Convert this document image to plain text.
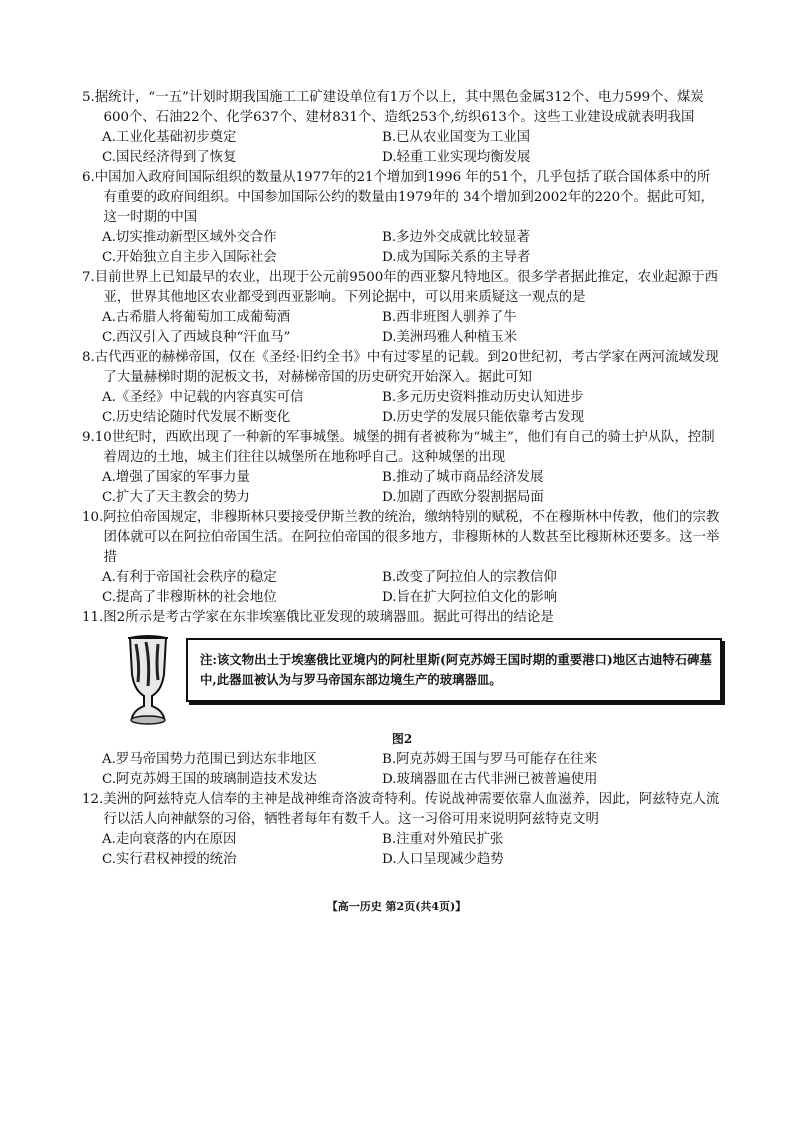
5.据统计，“一五”计划时期我国施工工矿建设单位有1万个以上，其中黑色金属312个、电力599个、煤炭 600个、石油22个、化学637个、建材831个、造纸253个,纺织613个。这些工业建设成就表明我国

A.工业化基础初步奠定	B.已从农业国变为工业国
C.国民经济得到了恢复	D.轻重工业实现均衡发展

6.中国加入政府间国际组织的数量从1977年的21个增加到1996 年的51个，几乎包括了联合国体系中的所有重要的政府间组织。中国参加国际公约的数量由1979年的 34个增加到2002年的220个。据此可知，这一时期的中国

A.切实推动新型区域外交合作	B.多边外交成就比较显著
C.开始独立自主步入国际社会	D.成为国际关系的主导者

7.目前世界上已知最早的农业，出现于公元前9500年的西亚黎凡特地区。很多学者据此推定，农业起源于西亚，世界其他地区农业都受到西亚影响。下列论据中，可以用来质疑这一观点的是

A.古希腊人将葡萄加工成葡萄酒	B.西非班图人驯养了牛
C.西汉引入了西域良种“汗血马”	D.美洲玛雅人种植玉米

8.古代西亚的赫梯帝国，仅在《圣经·旧约全书》中有过零星的记载。到20世纪初，考古学家在两河流域发现了大量赫梯时期的泥板文书，对赫梯帝国的历史研究开始深入。据此可知

A.《圣经》中记载的内容真实可信	B.多元历史资料推动历史认知进步
C.历史结论随时代发展不断变化	D.历史学的发展只能依靠考古发现

9.10世纪时，西欧出现了一种新的军事城堡。城堡的拥有者被称为“城主”，他们有自己的骑士护从队，控制着周边的土地，城主们往往以城堡所在地称呼自己。这种城堡的出现

A.增强了国家的军事力量	B.推动了城市商品经济发展
C.扩大了天主教会的势力	D.加剧了西欧分裂割据局面

10.阿拉伯帝国规定，非穆斯林只要接受伊斯兰教的统治，缴纳特别的赋税，不在穆斯林中传教，他们的宗教团体就可以在阿拉伯帝国生活。在阿拉伯帝国的很多地方，非穆斯林的人数甚至比穆斯林还要多。这一举措

A.有利于帝国社会秩序的稳定	B.改变了阿拉伯人的宗教信仰
C.提高了非穆斯林的社会地位	D.旨在扩大阿拉伯文化的影响

11.图2所示是考古学家在东非埃塞俄比亚发现的玻璃器皿。据此可得出的结论是

注:该文物出土于埃塞俄比亚境内的阿杜里斯(阿克苏姆王国时期的重要港口)地区古迪特石碑墓中,此器皿被认为与罗马帝国东部边境生产的玻璃器皿。

图2

A.罗马帝国势力范围已到达东非地区	B.阿克苏姆王国与罗马可能存在往来
C.阿克苏姆王国的玻璃制造技术发达	D.玻璃器皿在古代非洲已被普遍使用

12.美洲的阿兹特克人信奉的主神是战神维奇洛波奇特利。传说战神需要依靠人血滋养，因此，阿兹特克人流行以活人向神献祭的习俗，牺牲者每年有数千人。这一习俗可用来说明阿兹特克文明

A.走向衰落的内在原因	B.注重对外殖民扩张
C.实行君权神授的统治	D.人口呈现减少趋势
【高一历史 第2页(共4页)】
